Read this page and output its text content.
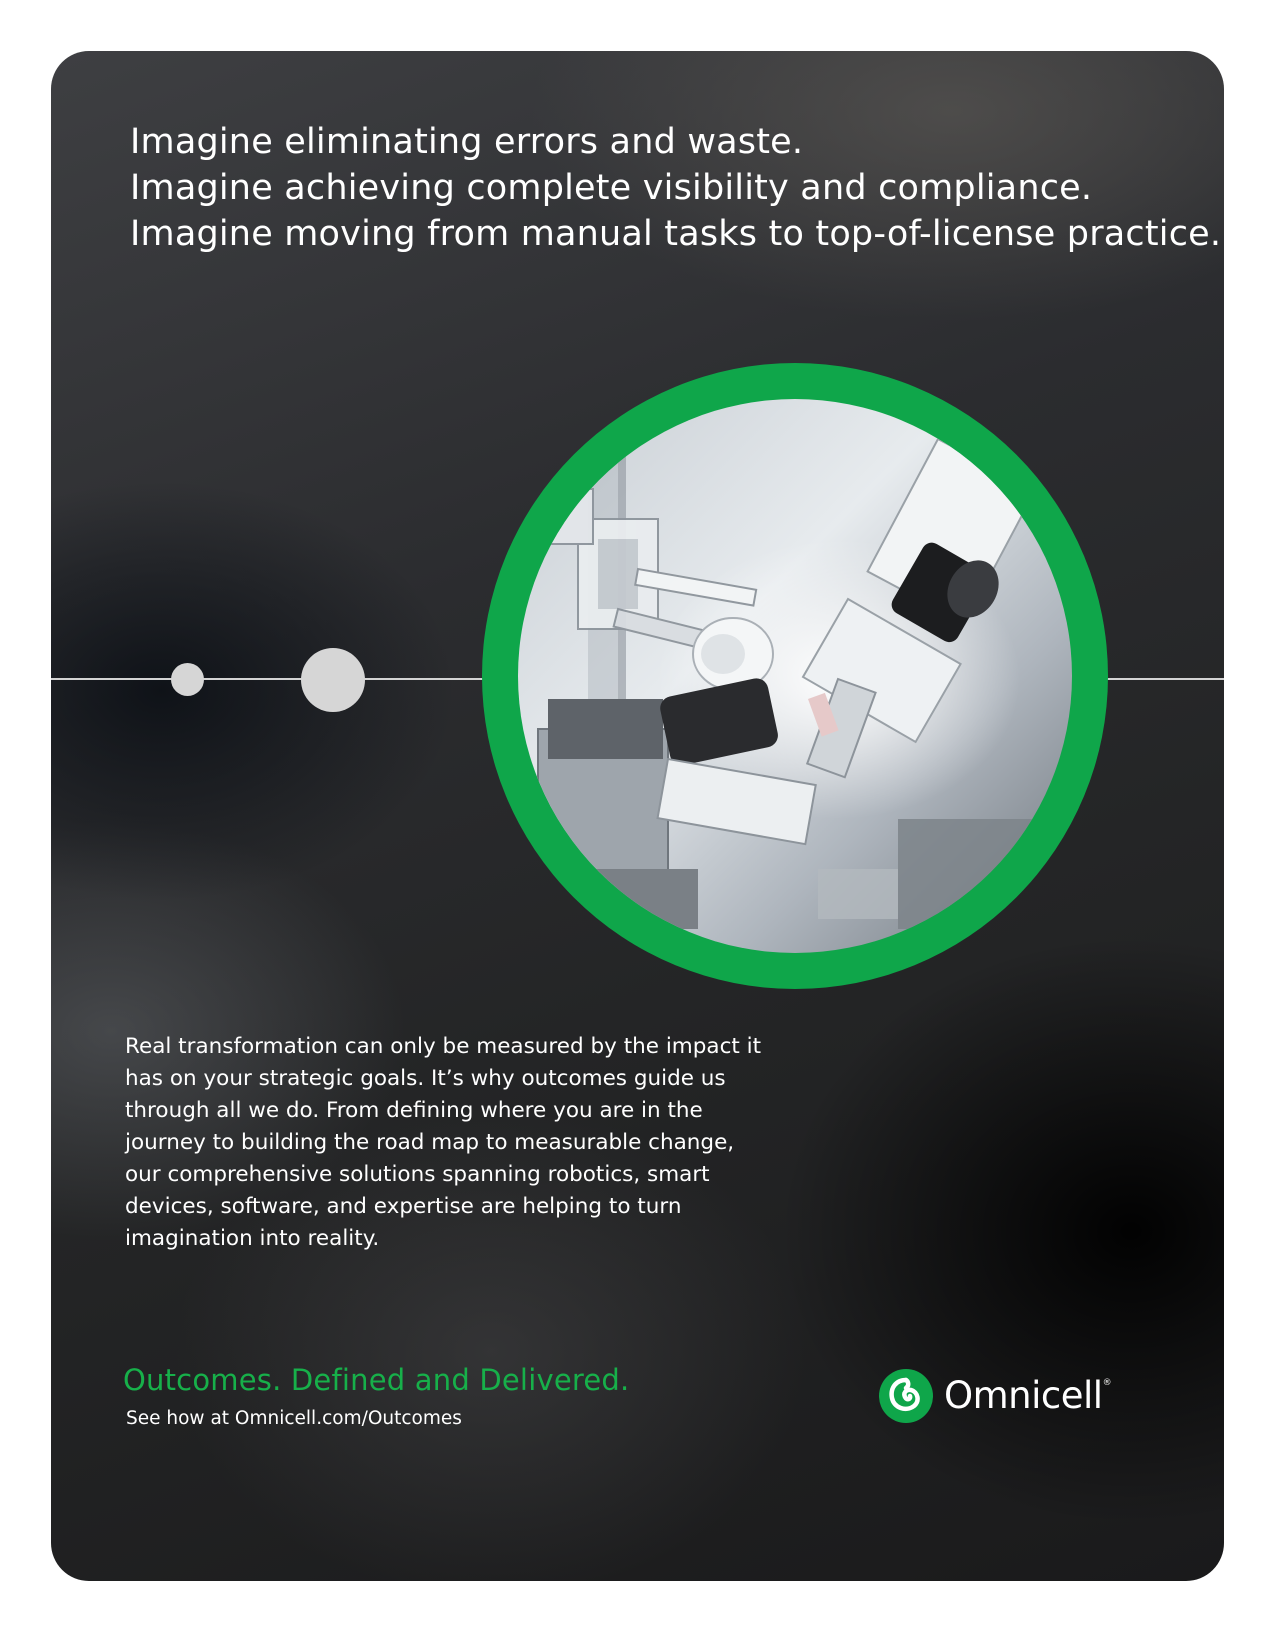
Imagine eliminating errors and waste.
Imagine achieving complete visibility and compliance.
Imagine moving from manual tasks to top-of-license practice.

Real transformation can only be measured by the impact it has on your strategic goals. It’s why outcomes guide us through all we do. From defining where you are in the journey to building the road map to measurable change, our comprehensive solutions spanning robotics, smart devices, software, and expertise are helping to turn imagination into reality.

Outcomes. Defined and Delivered.

See how at Omnicell.com/Outcomes

Omnicell®
